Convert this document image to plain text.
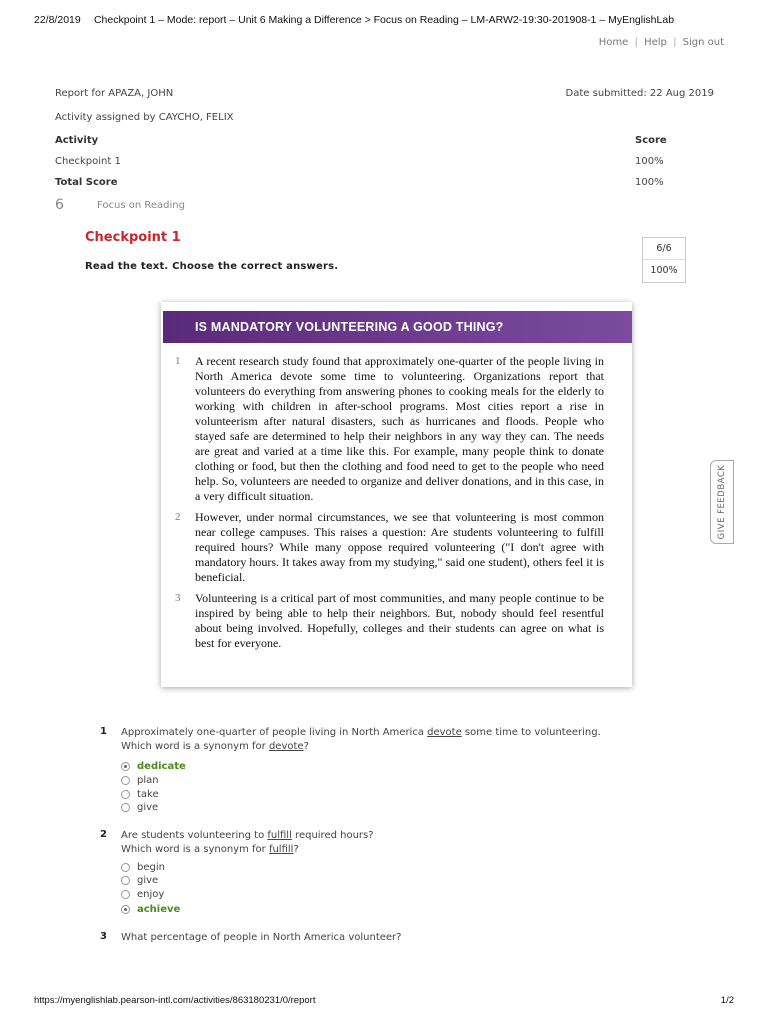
22/8/2019	Checkpoint 1 – Mode: report – Unit 6 Making a Difference > Focus on Reading – LM-ARW2-19:30-201908-1 – MyEnglishLab
Home | Help | Sign out
Report for APAZA, JOHN	Date submitted: 22 Aug 2019
Activity assigned by CAYCHO, FELIX
Activity	Score
Checkpoint 1	100%
Total Score	100%
6	Focus on Reading
Checkpoint 1
Read the text. Choose the correct answers.
6/6
100%
IS MANDATORY VOLUNTEERING A GOOD THING?
1	A recent research study found that approximately one-quarter of the people living in North America devote some time to volunteering. Organizations report that volunteers do everything from answering phones to cooking meals for the elderly to working with children in after-school programs. Most cities report a rise in volunteerism after natural disasters, such as hurricanes and floods. People who stayed safe are determined to help their neighbors in any way they can. The needs are great and varied at a time like this. For example, many people think to donate clothing or food, but then the clothing and food need to get to the people who need help. So, volunteers are needed to organize and deliver donations, and in this case, in a very difficult situation.
2	However, under normal circumstances, we see that volunteering is most common near college campuses. This raises a question: Are students volunteering to fulfill required hours? While many oppose required volunteering ("I don't agree with mandatory hours. It takes away from my studying," said one student), others feel it is beneficial.
3	Volunteering is a critical part of most communities, and many people continue to be inspired by being able to help their neighbors. But, nobody should feel resentful about being involved. Hopefully, colleges and their students can agree on what is best for everyone.
GIVE FEEDBACK
1	Approximately one-quarter of people living in North America devote some time to volunteering.
Which word is a synonym for devote?
dedicate
plan
take
give
2	Are students volunteering to fulfill required hours?
Which word is a synonym for fulfill?
begin
give
enjoy
achieve
3	What percentage of people in North America volunteer?
https://myenglishlab.pearson-intl.com/activities/863180231/0/report	1/2
